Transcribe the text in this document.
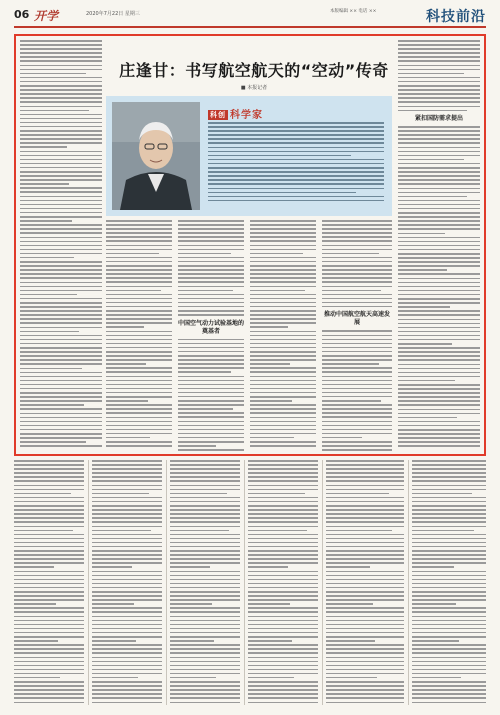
06 开学	2020年7月22日 星期三	本版编辑 ×× 电话 ××	科技前沿
庄逢甘：书写航空航天的“空动”传奇
■ 本报记者
科创 科学家
中国空气动力试验基地的奠基者
推动中国航空航天高速发展
紧扣国防需求提出
